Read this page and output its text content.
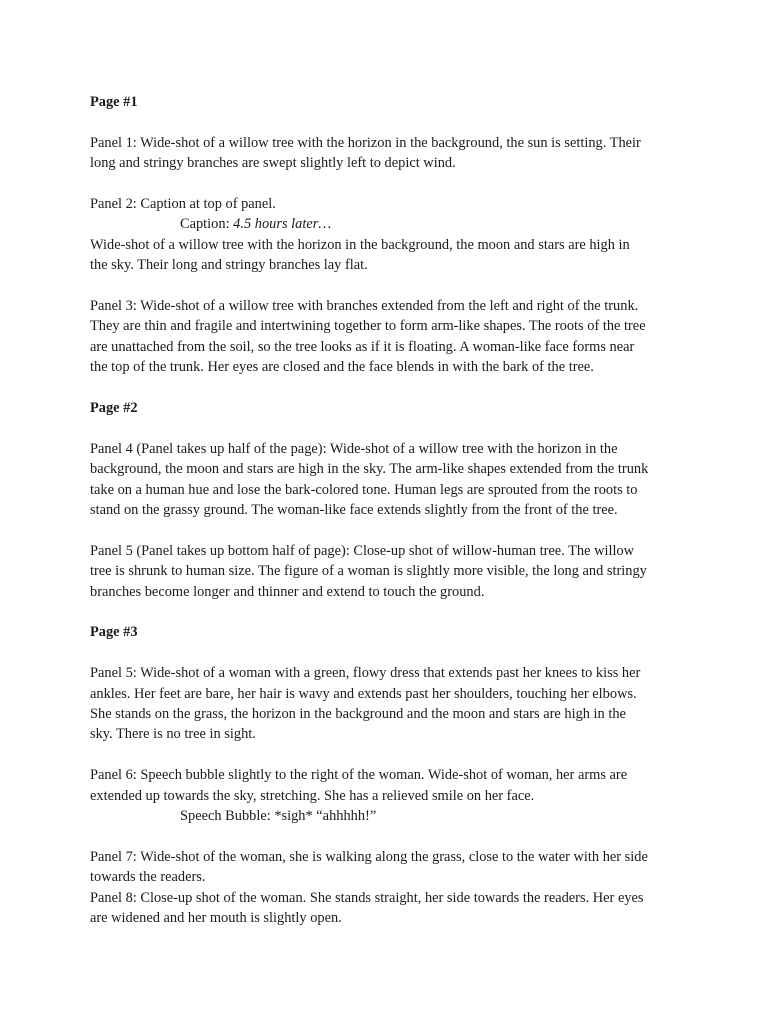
Page #1
Panel 1: Wide-shot of a willow tree with the horizon in the background, the sun is setting. Their
long and stringy branches are swept slightly left to depict wind.
Panel 2: Caption at top of panel.
Caption: 4.5 hours later…
Wide-shot of a willow tree with the horizon in the background, the moon and stars are high in
the sky. Their long and stringy branches lay flat.
Panel 3: Wide-shot of a willow tree with branches extended from the left and right of the trunk.
They are thin and fragile and intertwining together to form arm-like shapes. The roots of the tree
are unattached from the soil, so the tree looks as if it is floating. A woman-like face forms near
the top of the trunk. Her eyes are closed and the face blends in with the bark of the tree.
Page #2
Panel 4 (Panel takes up half of the page): Wide-shot of a willow tree with the horizon in the
background, the moon and stars are high in the sky. The arm-like shapes extended from the trunk
take on a human hue and lose the bark-colored tone. Human legs are sprouted from the roots to
stand on the grassy ground. The woman-like face extends slightly from the front of the tree.
Panel 5 (Panel takes up bottom half of page): Close-up shot of willow-human tree. The willow
tree is shrunk to human size. The figure of a woman is slightly more visible, the long and stringy
branches become longer and thinner and extend to touch the ground.
Page #3
Panel 5: Wide-shot of a woman with a green, flowy dress that extends past her knees to kiss her
ankles. Her feet are bare, her hair is wavy and extends past her shoulders, touching her elbows.
She stands on the grass, the horizon in the background and the moon and stars are high in the
sky. There is no tree in sight.
Panel 6: Speech bubble slightly to the right of the woman. Wide-shot of woman, her arms are
extended up towards the sky, stretching. She has a relieved smile on her face.
Speech Bubble: *sigh* “ahhhhh!”
Panel 7: Wide-shot of the woman, she is walking along the grass, close to the water with her side
towards the readers.
Panel 8: Close-up shot of the woman. She stands straight, her side towards the readers. Her eyes
are widened and her mouth is slightly open.
